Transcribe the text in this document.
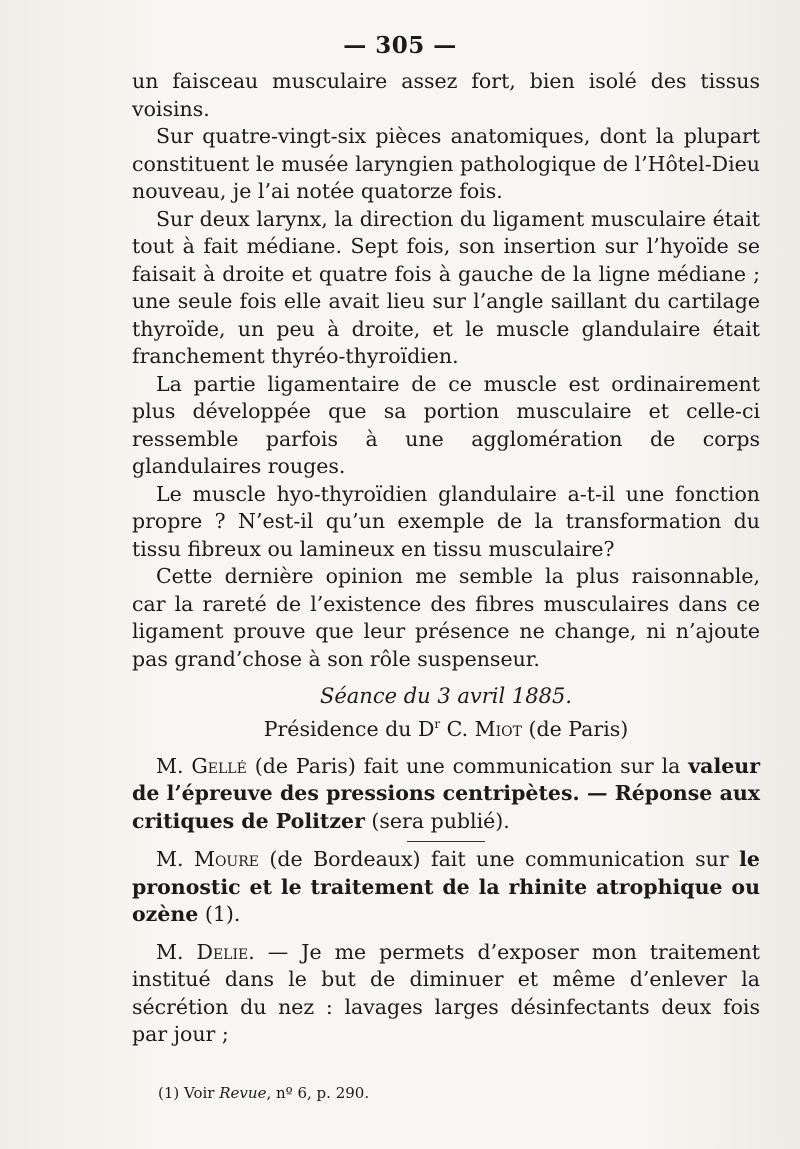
— 305 —

un faisceau musculaire assez fort, bien isolé des tissus voisins.

Sur quatre-vingt-six pièces anatomiques, dont la plupart constituent le musée laryngien pathologique de l’Hôtel-Dieu nouveau, je l’ai notée quatorze fois.

Sur deux larynx, la direction du ligament musculaire était tout à fait médiane. Sept fois, son insertion sur l’hyoïde se faisait à droite et quatre fois à gauche de la ligne médiane ; une seule fois elle avait lieu sur l’angle saillant du cartilage thyroïde, un peu à droite, et le muscle glandulaire était franchement thyréo-thyroïdien.

La partie ligamentaire de ce muscle est ordinairement plus développée que sa portion musculaire et celle-ci ressemble parfois à une agglomération de corps glandulaires rouges.

Le muscle hyo-thyroïdien glandulaire a-t-il une fonction propre ? N’est-il qu’un exemple de la transformation du tissu fibreux ou lamineux en tissu musculaire?

Cette dernière opinion me semble la plus raisonnable, car la rareté de l’existence des fibres musculaires dans ce ligament prouve que leur présence ne change, ni n’ajoute pas grand’chose à son rôle suspenseur.

Séance du 3 avril 1885.

Présidence du $D^r$ C. Miot (de Paris)

M. Gellé (de Paris) fait une communication sur la valeur de l’épreuve des pressions centripètes. — Réponse aux critiques de Politzer (sera publié).

M. Moure (de Bordeaux) fait une communication sur le pronostic et le traitement de la rhinite atrophique ou ozène (1).

M. Delie. — Je me permets d’exposer mon traitement institué dans le but de diminuer et même d’enlever la sécrétion du nez : lavages larges désinfectants deux fois par jour ;

(1) Voir Revue, nº 6, p. 290.
